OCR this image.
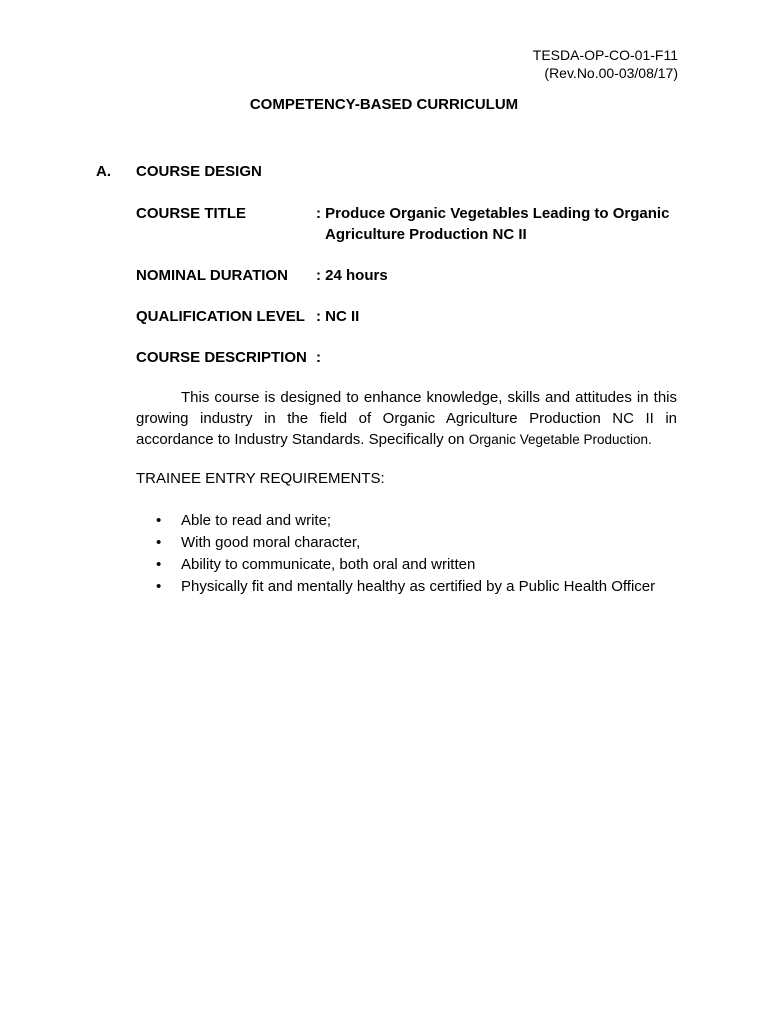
TESDA-OP-CO-01-F11
(Rev.No.00-03/08/17)
COMPETENCY-BASED CURRICULUM
A. COURSE DESIGN
COURSE TITLE	: Produce Organic Vegetables Leading to Organic
Agriculture Production NC II
NOMINAL DURATION : 24 hours
QUALIFICATION LEVEL : NC II
COURSE DESCRIPTION :
This course is designed to enhance knowledge, skills and attitudes in this growing industry in the field of Organic Agriculture Production NC II in accordance to Industry Standards. Specifically on Organic Vegetable Production.
TRAINEE ENTRY REQUIREMENTS:
• Able to read and write;
• With good moral character,
• Ability to communicate, both oral and written
• Physically fit and mentally healthy as certified by a Public Health Officer
